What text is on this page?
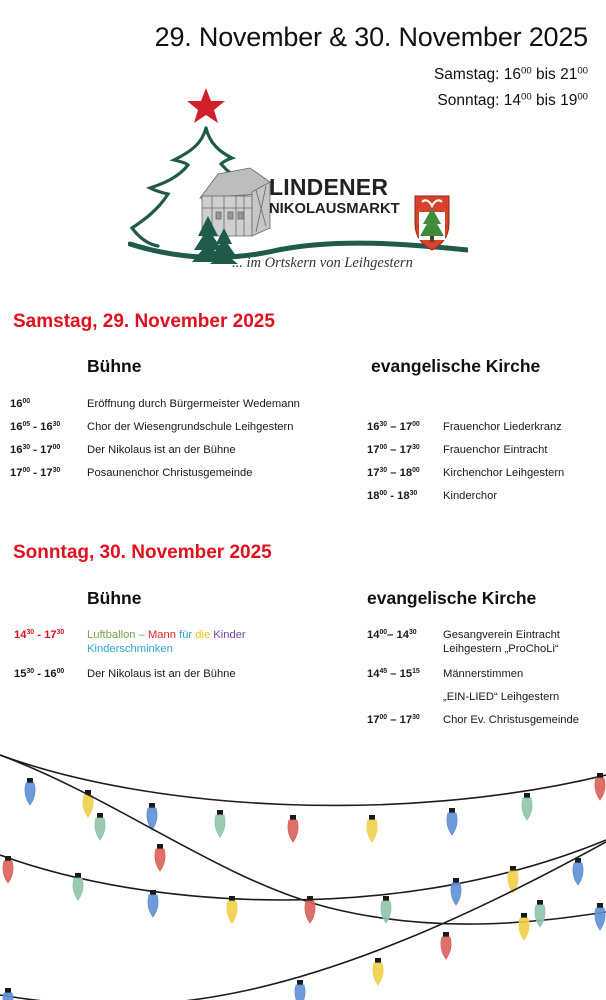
29. November & 30. November 2025
Samstag: $16^{00}$ bis $21^{00}$
Sonntag: $14^{00}$ bis $19^{00}$
LINDENER
NIKOLAUSMARKT
... im Ortskern von Leihgestern
Samstag, 29. November 2025
Bühne	evangelische Kirche
$16^{00}$	Eröffnung durch Bürgermeister Wedemann
$16^{05} - 16^{30}$ Chor der Wiesengrundschule Leihgestern
$16^{30} - 17^{00}$ Der Nikolaus ist an der Bühne
$17^{00} - 17^{30}$ Posaunenchor Christusgemeinde
$16^{30} - 17^{00}$ Frauenchor Liederkranz
$17^{00} - 17^{30}$ Frauenchor Eintracht
$17^{30} - 18^{00}$ Kirchenchor Leihgestern
$18^{00} - 18^{30}$ Kinderchor
Sonntag, 30. November 2025
Bühne	evangelische Kirche
$14^{30} - 17^{30}$ Luftballon – Mann für die Kinder
Kinderschminken
$15^{30} - 16^{00}$ Der Nikolaus ist an der Bühne
$14^{00}-$ $14^{30}$ Gesangverein Eintracht
Leihgestern „ProChoLi“
$14^{45} - 15^{15}$ Männerstimmen
„EIN-LIED“ Leihgestern
$17^{00} - 17^{30}$ Chor Ev. Christusgemeinde
